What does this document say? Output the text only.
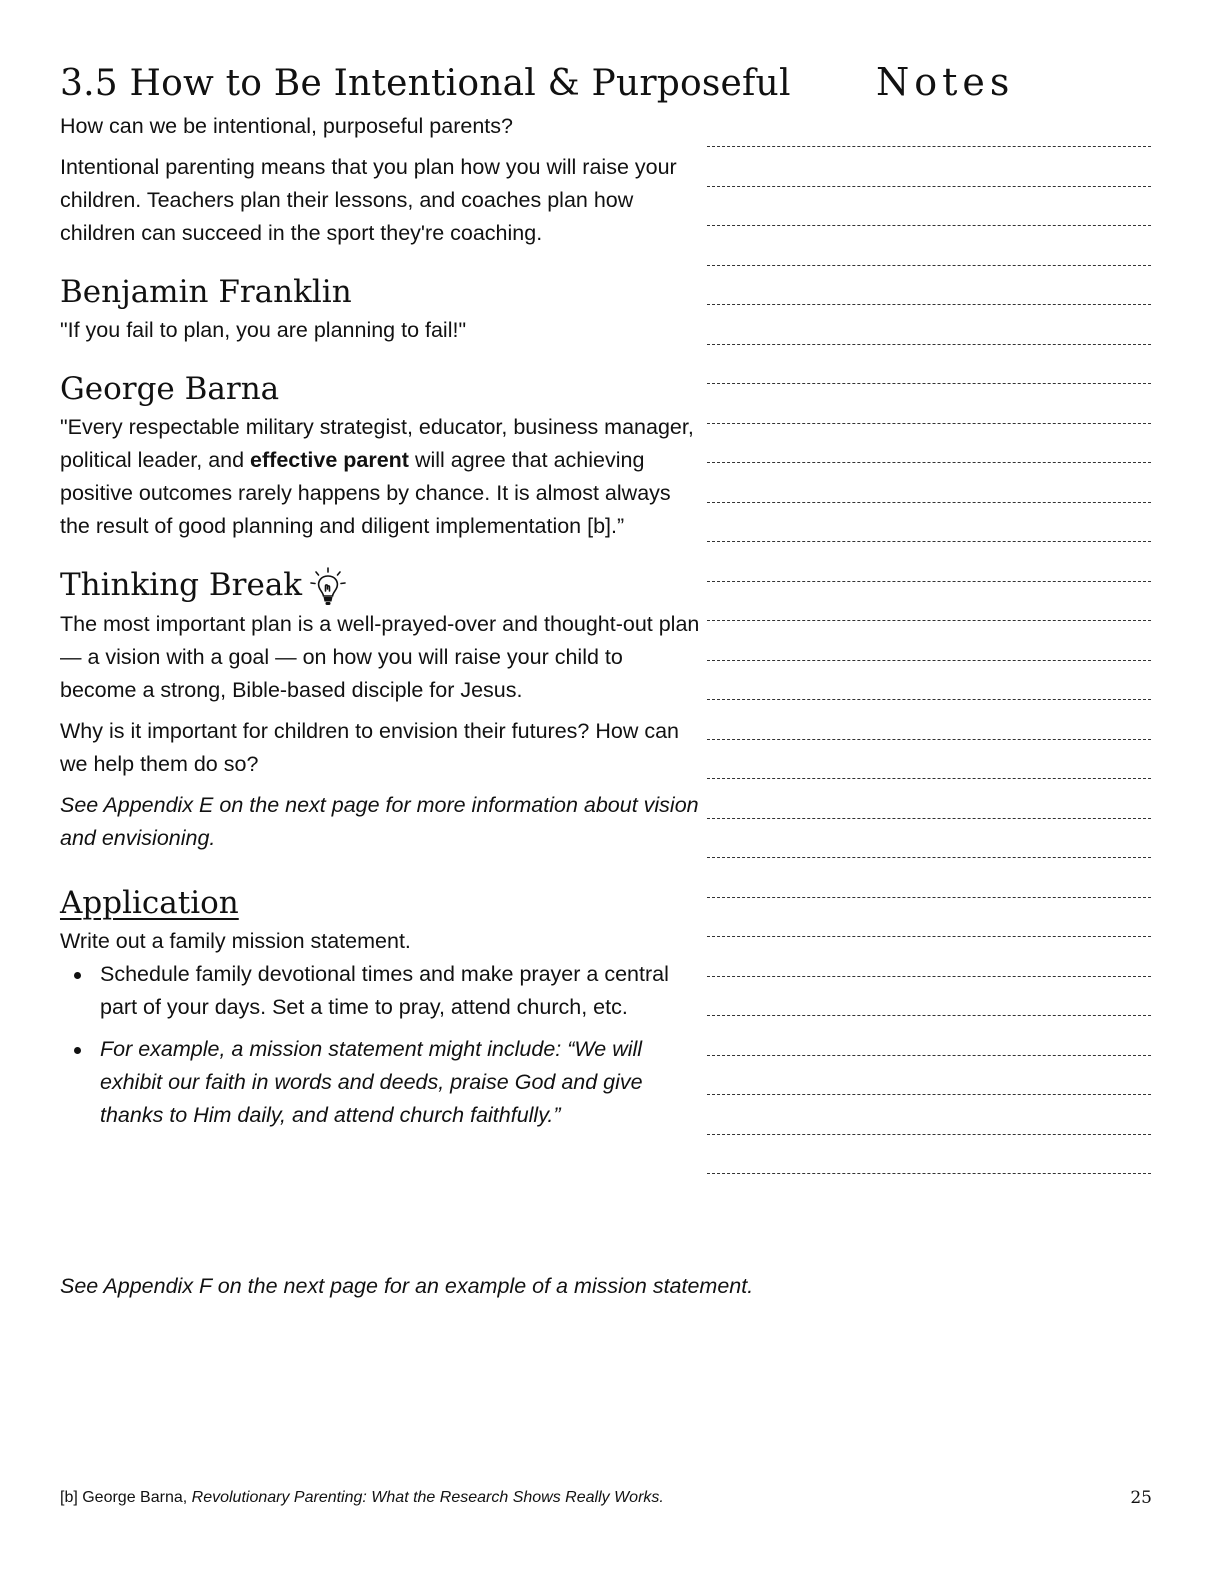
3.5 How to Be Intentional & Purposeful

How can we be intentional, purposeful parents?

Intentional parenting means that you plan how you will raise your children. Teachers plan their lessons, and coaches plan how children can succeed in the sport they're coaching.

Benjamin Franklin

"If you fail to plan, you are planning to fail!"

George Barna

"Every respectable military strategist, educator, business manager, political leader, and effective parent will agree that achieving positive outcomes rarely happens by chance. It is almost always the result of good planning and diligent implementation [b].”

Thinking Break

The most important plan is a well-prayed-over and thought-out plan — a vision with a goal — on how you will raise your child to become a strong, Bible-based disciple for Jesus.

Why is it important for children to envision their futures? How can we help them do so?

See Appendix E on the next page for more information about vision and envisioning.

Application

Write out a family mission statement.

Schedule family devotional times and make prayer a central part of your days. Set a time to pray, attend church, etc.
For example, a mission statement might include: “We will exhibit our faith in words and deeds, praise God and give thanks to Him daily, and attend church faithfully.”

See Appendix F on the next page for an example of a mission statement.

Notes
[b] George Barna, Revolutionary Parenting: What the Research Shows Really Works.	25
